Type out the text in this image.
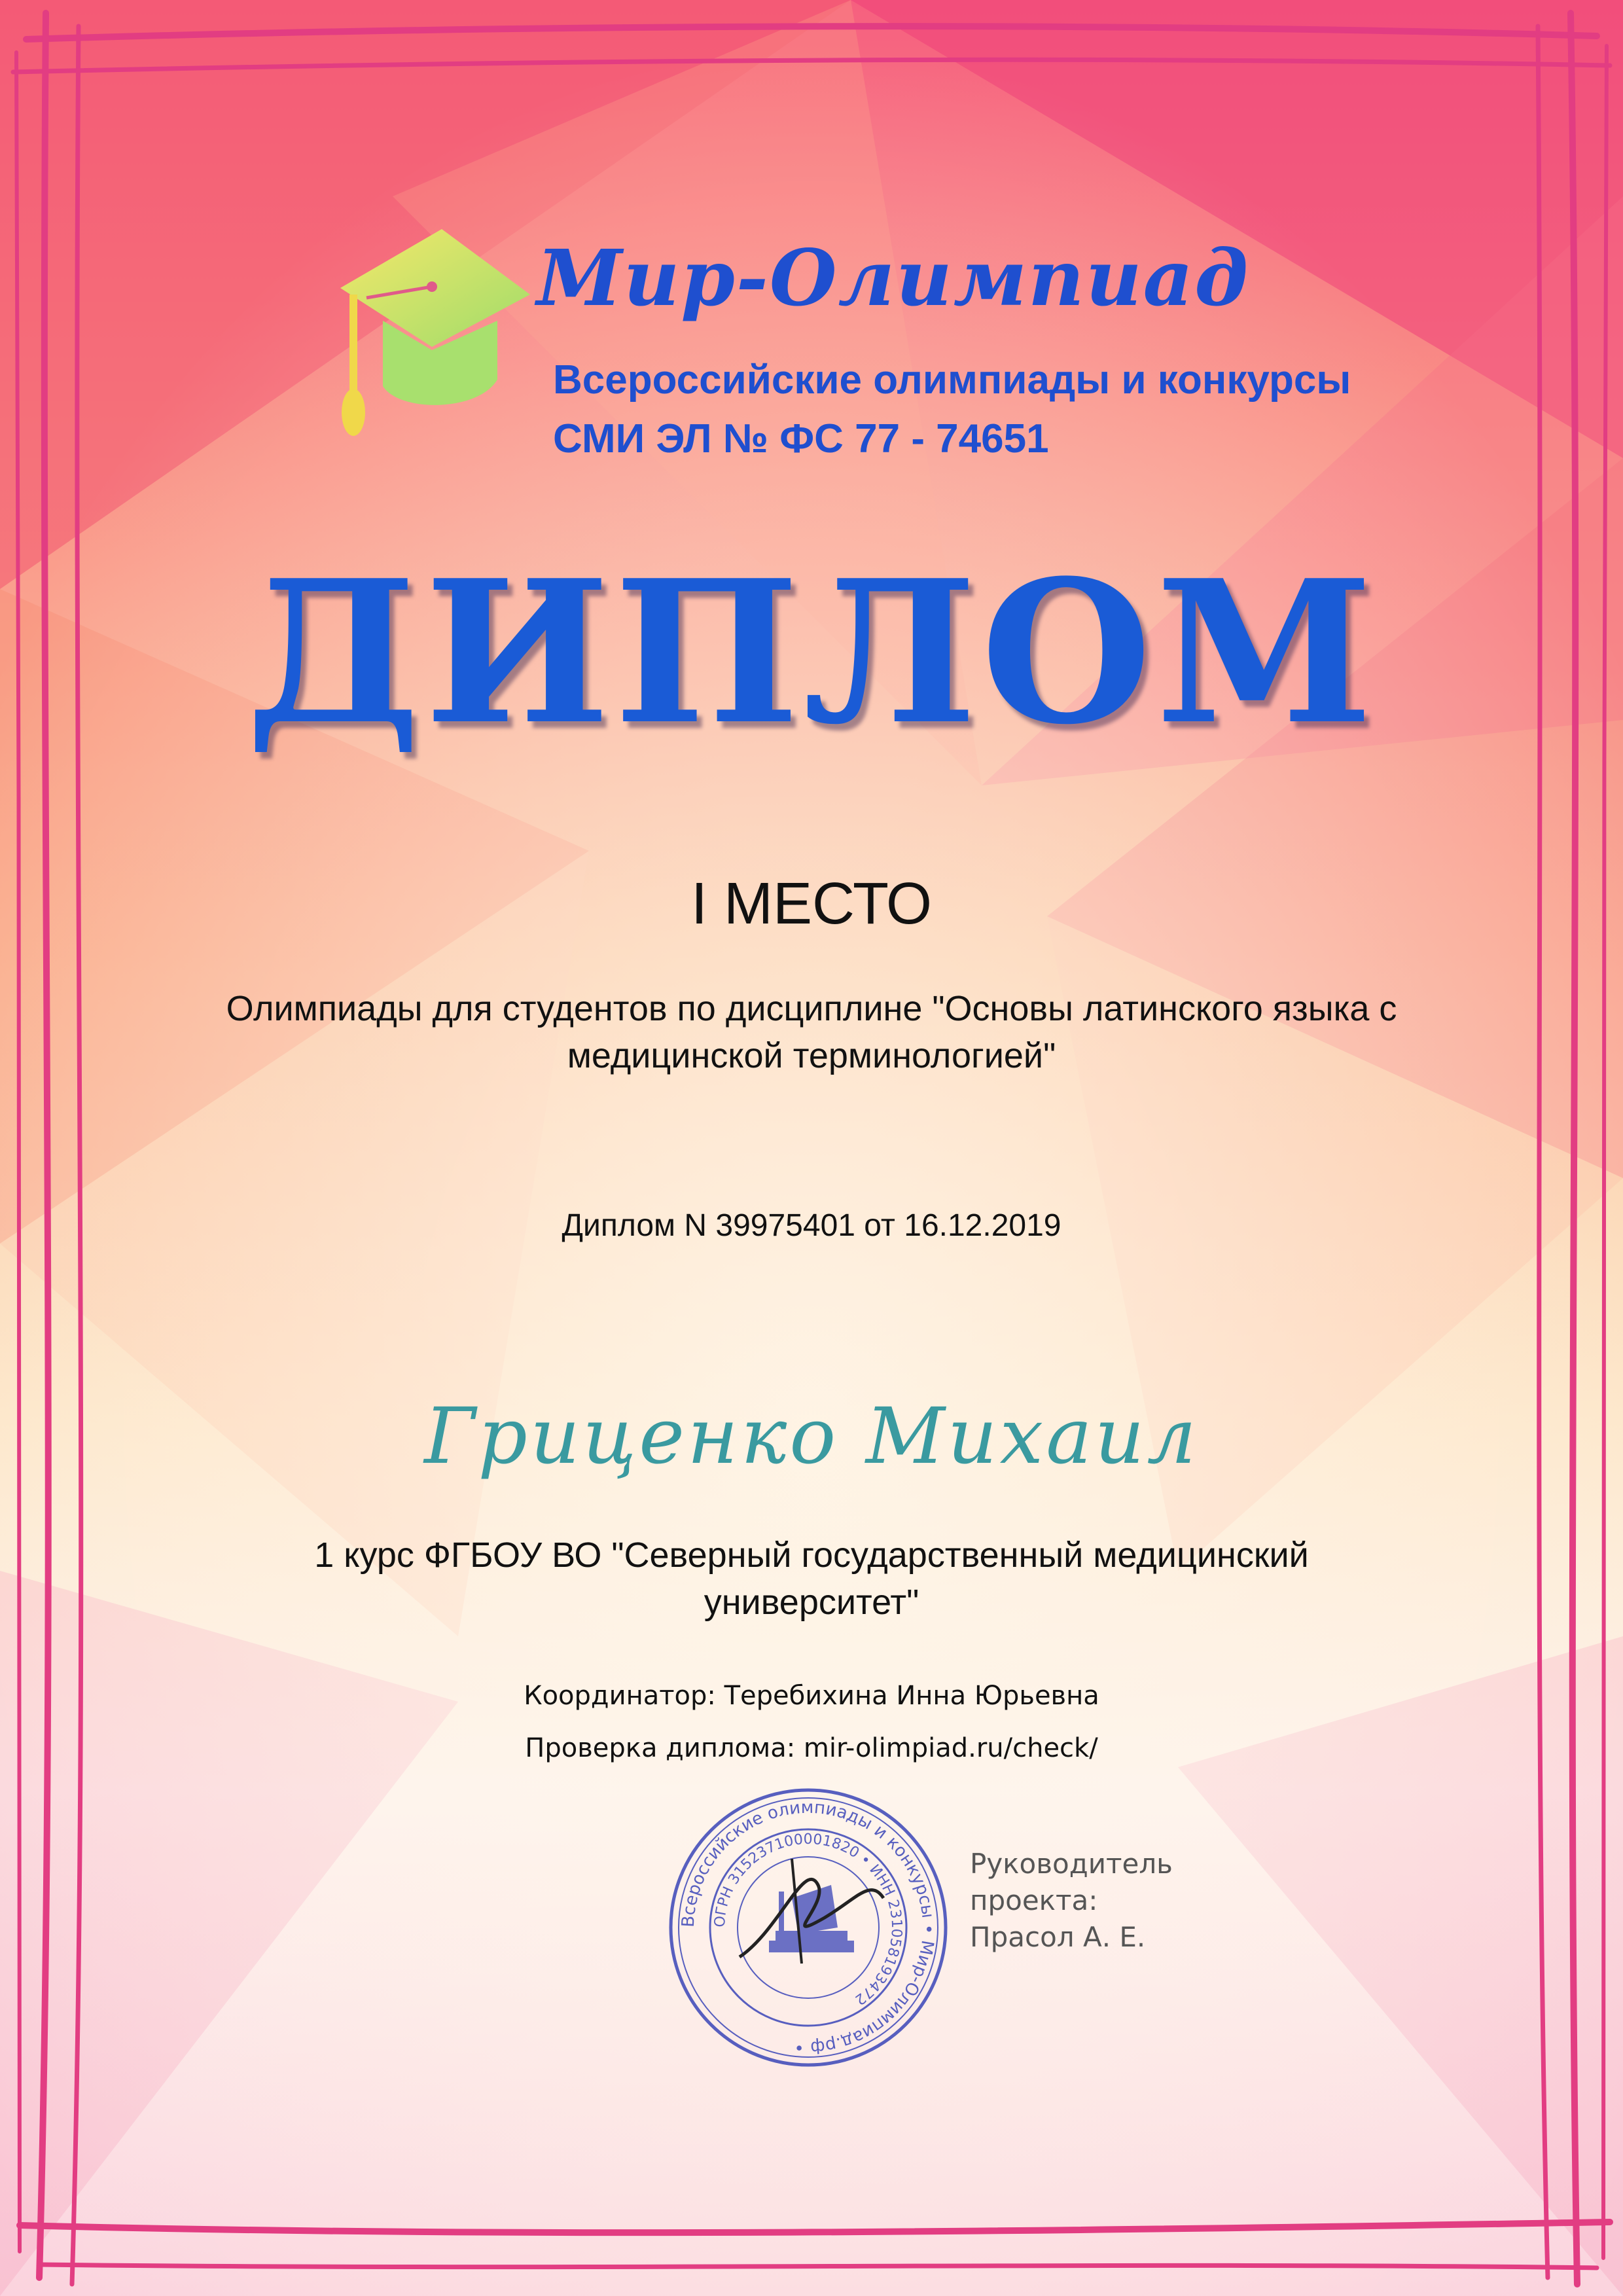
Мир-Олимпиад
Всероссийские олимпиады и конкурсы
СМИ ЭЛ № ФС 77 - 74651
ДИПЛОМ
I МЕСТО
Олимпиады для студентов по дисциплине "Основы латинского языка с
медицинской терминологией"
Диплом N 39975401 от 16.12.2019
Гриценко Михаил
1 курс ФГБОУ ВО "Северный государственный медицинский
университет"
Координатор: Теребихина Инна Юрьевна
Проверка диплома: mir-olimpiad.ru/check/
Всероссийские олимпиады и конкурсы • Мир-Олимпиад.рф •
ОГРН 315237100001820 • ИНН 231058193472
Руководитель
проекта:
Прасол А. Е.
